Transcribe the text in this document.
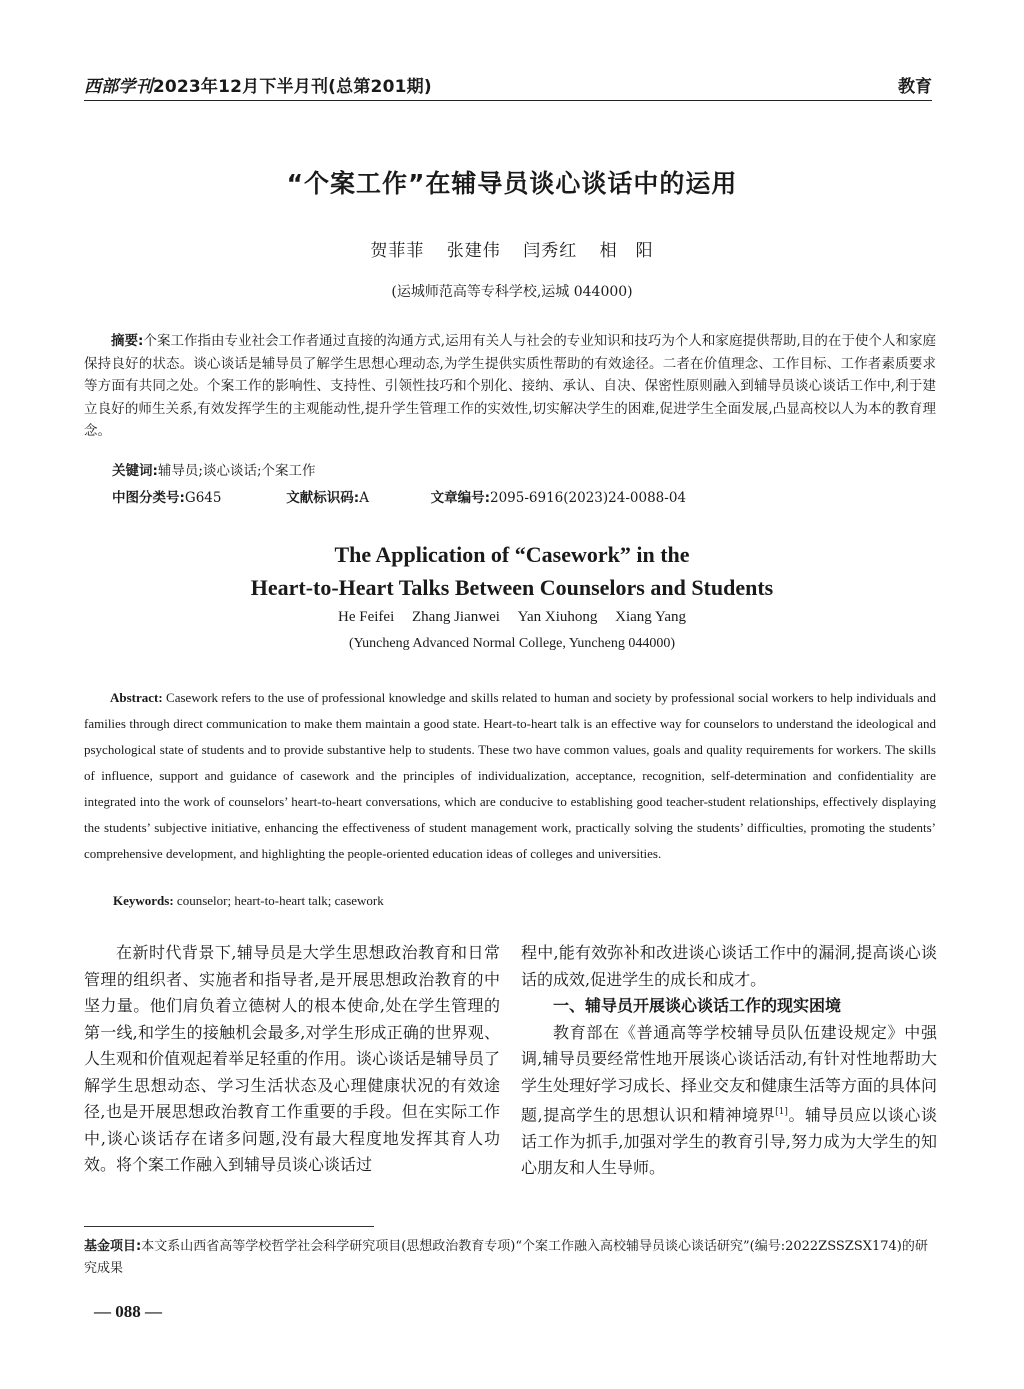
西部学刊2023年12月下半月刊(总第201期)	教育
“个案工作”在辅导员谈心谈话中的运用
贺菲菲 张建伟 闫秀红 相　阳
(运城师范高等专科学校,运城 044000)
摘要:个案工作指由专业社会工作者通过直接的沟通方式,运用有关人与社会的专业知识和技巧为个人和家庭提供帮助,目的在于使个人和家庭保持良好的状态。谈心谈话是辅导员了解学生思想心理动态,为学生提供实质性帮助的有效途径。二者在价值理念、工作目标、工作者素质要求等方面有共同之处。个案工作的影响性、支持性、引领性技巧和个别化、接纳、承认、自决、保密性原则融入到辅导员谈心谈话工作中,利于建立良好的师生关系,有效发挥学生的主观能动性,提升学生管理工作的实效性,切实解决学生的困难,促进学生全面发展,凸显高校以人为本的教育理念。
关键词:辅导员;谈心谈话;个案工作
中图分类号:G645	文献标识码:A	文章编号:2095-6916(2023)24-0088-04
The Application of “Casework” in the
Heart-to-Heart Talks Between Counselors and Students
He Feifei Zhang Jianwei Yan Xiuhong Xiang Yang
(Yuncheng Advanced Normal College, Yuncheng 044000)
Abstract: Casework refers to the use of professional knowledge and skills related to human and society by professional social workers to help individuals and families through direct communication to make them maintain a good state. Heart-to-heart talk is an effective way for counselors to understand the ideological and psychological state of students and to provide substantive help to students. These two have common values, goals and quality requirements for workers. The skills of influence, support and guidance of casework and the principles of individualization, acceptance, recognition, self-determination and confidentiality are integrated into the work of counselors’ heart-to-heart conversations, which are conducive to establishing good teacher-student relationships, effectively displaying the students’ subjective initiative, enhancing the effectiveness of student management work, practically solving the students’ difficulties, promoting the students’ comprehensive development, and highlighting the people-oriented education ideas of colleges and universities.
Keywords: counselor; heart-to-heart talk; casework

在新时代背景下,辅导员是大学生思想政治教育和日常管理的组织者、实施者和指导者,是开展思想政治教育的中坚力量。他们肩负着立德树人的根本使命,处在学生管理的第一线,和学生的接触机会最多,对学生形成正确的世界观、人生观和价值观起着举足轻重的作用。谈心谈话是辅导员了解学生思想动态、学习生活状态及心理健康状况的有效途径,也是开展思想政治教育工作重要的手段。但在实际工作中,谈心谈话存在诸多问题,没有最大程度地发挥其育人功效。将个案工作融入到辅导员谈心谈话过

程中,能有效弥补和改进谈心谈话工作中的漏洞,提高谈心谈话的成效,促进学生的成长和成才。

一、辅导员开展谈心谈话工作的现实困境

教育部在《普通高等学校辅导员队伍建设规定》中强调,辅导员要经常性地开展谈心谈话活动,有针对性地帮助大学生处理好学习成长、择业交友和健康生活等方面的具体问题,提高学生的思想认识和精神境界[1]。辅导员应以谈心谈话工作为抓手,加强对学生的教育引导,努力成为大学生的知心朋友和人生导师。

基金项目:本文系山西省高等学校哲学社会科学研究项目(思想政治教育专项)“个案工作融入高校辅导员谈心谈话研究”(编号:2022ZSSZSX174)的研究成果
— 088 —
